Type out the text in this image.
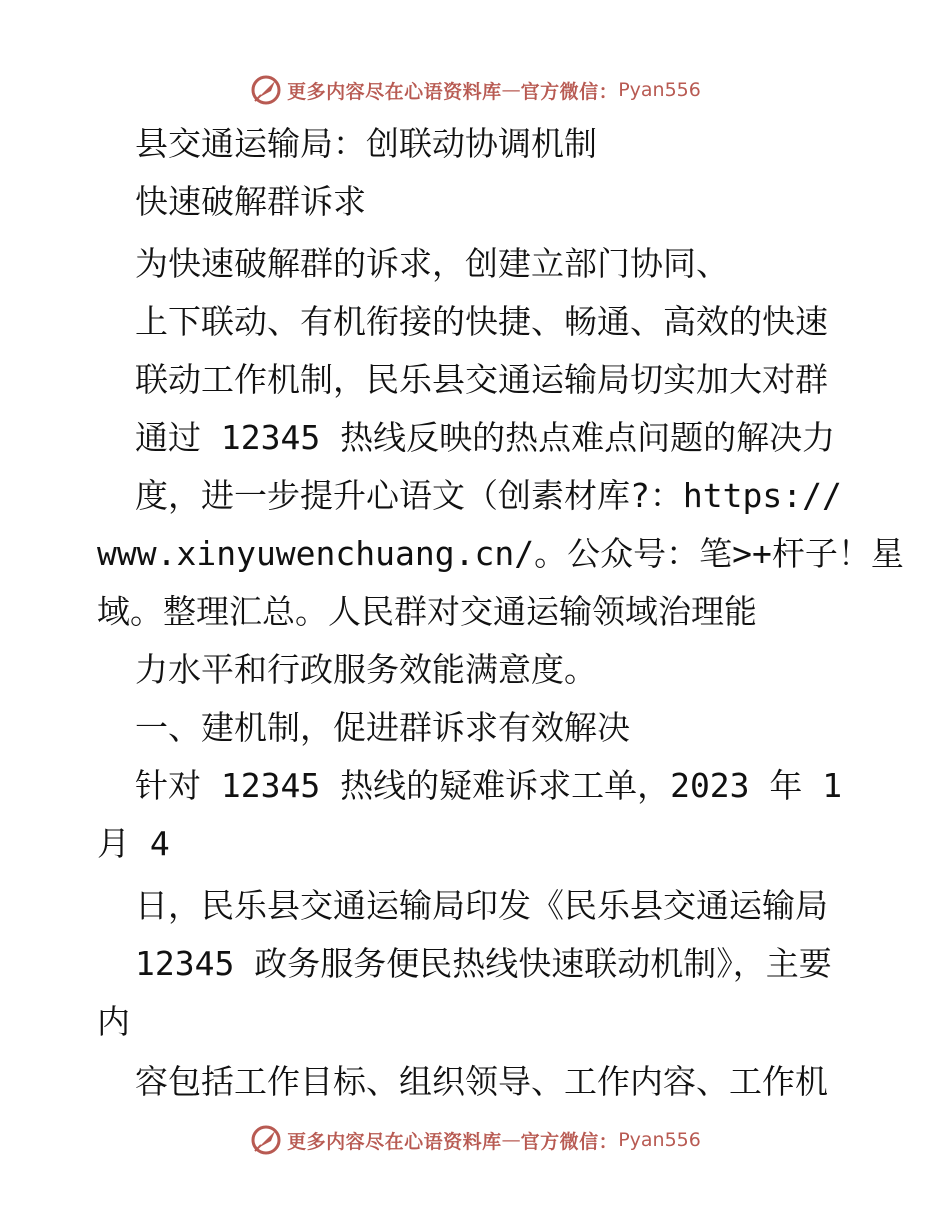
更多内容尽在心语资料库 — 官方微信： Pyan556
县交通运输局：创联动协调机制
快速破解群诉求
为快速破解群的诉求，创建立部门协同、
上下联动、有机衔接的快捷、畅通、高效的快速
联动工作机制，民乐县交通运输局切实加大对群
通过 12345 热线反映的热点难点问题的解决力
度，进一步提升心语文（创素材库?：https://
www.xinyuwenchuang.cn/。公众号：笔>+杆子！星
域。整理汇总。人民群对交通运输领域治理能
力水平和行政服务效能满意度。
一、建机制，促进群诉求有效解决
针对 12345 热线的疑难诉求工单，2023 年 1
月 4
日，民乐县交通运输局印发《民乐县交通运输局
12345 政务服务便民热线快速联动机制》，主要
内
容包括工作目标、组织领导、工作内容、工作机
更多内容尽在心语资料库 — 官方微信： Pyan556
